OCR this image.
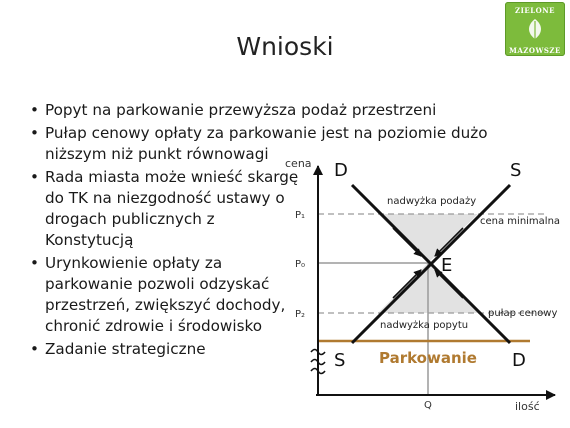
ZIELONE
MAZOWSZE
Wnioski
• Popyt na parkowanie przewyższa podaż przestrzeni
• Pułap cenowy opłaty za parkowanie jest na poziomie dużo niższym niż punkt równowagi
• Rada miasta może wnieść skargę do TK na niezgodność ustawy o drogach publicznych z Konstytucją
• Urynkowienie opłaty za parkowanie pozwoli odzyskać przestrzeń, zwiększyć dochody, chronić zdrowie i środowisko
• Zadanie strategiczne
cena
ilość
Q
P₁
P₀
P₂
D	S
S	D
E
nadwyżka podaży
cena minimalna
nadwyżka popytu
pułap cenowy
Parkowanie
